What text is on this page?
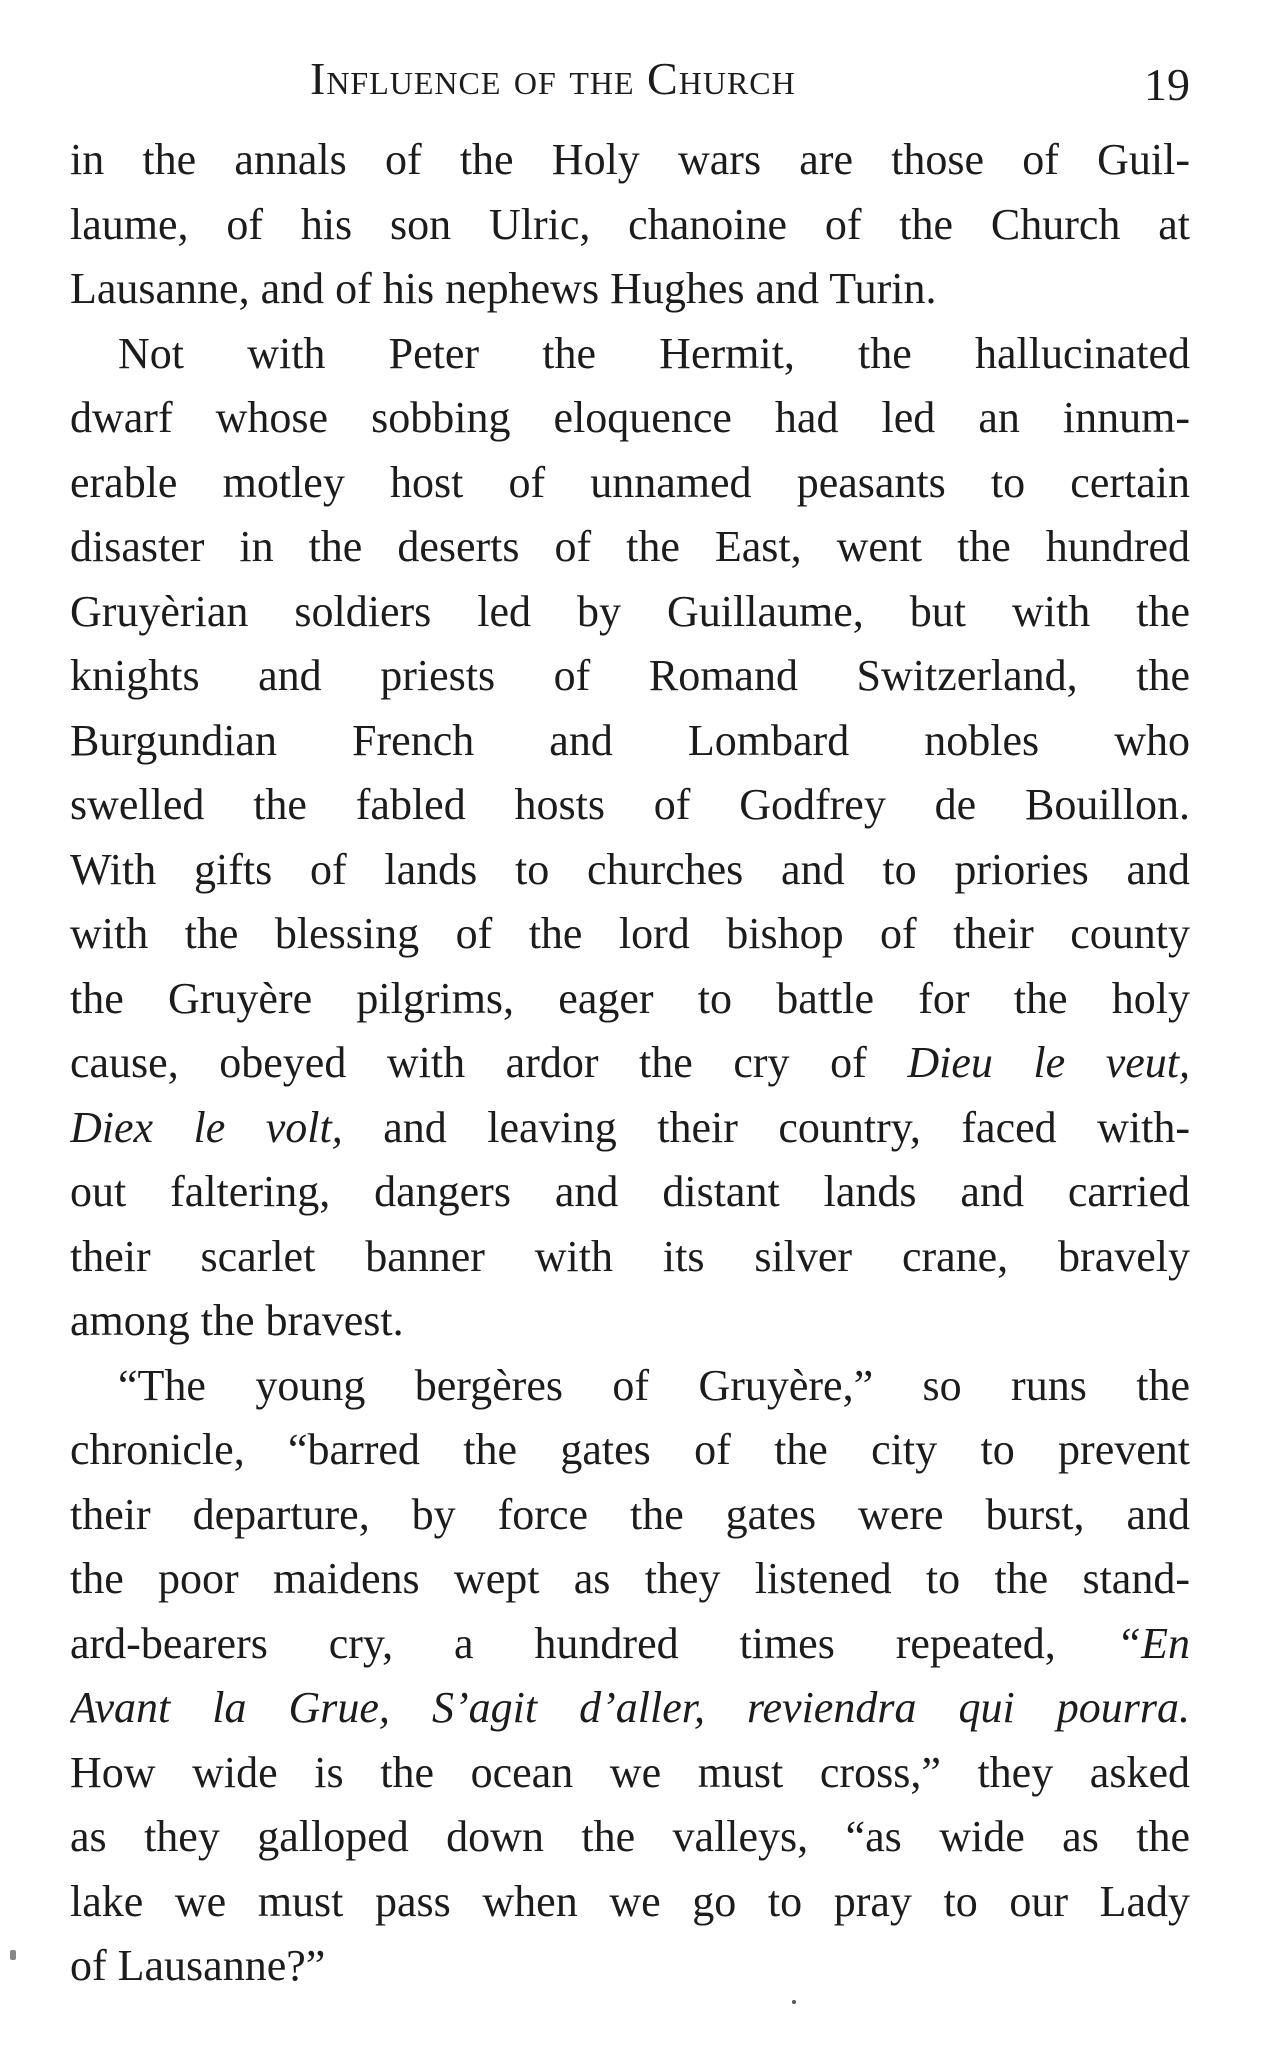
Influence of the Church	19
in the annals of the Holy wars are those of Guil-
laume, of his son Ulric, chanoine of the Church at
Lausanne, and of his nephews Hughes and Turin.
Not with Peter the Hermit, the hallucinated
dwarf whose sobbing eloquence had led an innum-
erable motley host of unnamed peasants to certain
disaster in the deserts of the East, went the hundred
Gruyèrian soldiers led by Guillaume, but with the
knights and priests of Romand Switzerland, the
Burgundian French and Lombard nobles who
swelled the fabled hosts of Godfrey de Bouillon.
With gifts of lands to churches and to priories and
with the blessing of the lord bishop of their county
the Gruyère pilgrims, eager to battle for the holy
cause, obeyed with ardor the cry of Dieu le veut,
Diex le volt, and leaving their country, faced with-
out faltering, dangers and distant lands and carried
their scarlet banner with its silver crane, bravely
among the bravest.
“The young bergères of Gruyère,” so runs the
chronicle, “barred the gates of the city to prevent
their departure, by force the gates were burst, and
the poor maidens wept as they listened to the stand-
ard-bearers cry, a hundred times repeated, “En
Avant la Grue, S’agit d’aller, reviendra qui pourra.
How wide is the ocean we must cross,” they asked
as they galloped down the valleys, “as wide as the
lake we must pass when we go to pray to our Lady
of Lausanne?”
